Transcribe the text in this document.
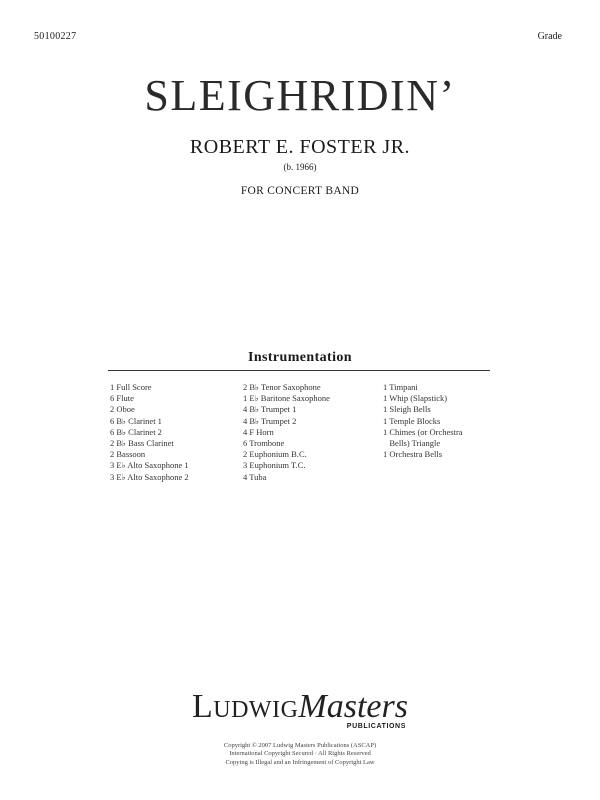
50100227	Grade
SLEIGHRIDIN’
ROBERT E. FOSTER JR.
(b. 1966)
FOR CONCERT BAND
Instrumentation
1 Full Score
6 Flute
2 Oboe
6 B♭ Clarinet 1
6 B♭ Clarinet 2
2 B♭ Bass Clarinet
2 Bassoon
3 E♭ Alto Saxophone 1
3 E♭ Alto Saxophone 2
2 B♭ Tenor Saxophone
1 E♭ Baritone Saxophone
4 B♭ Trumpet 1
4 B♭ Trumpet 2
4 F Horn
6 Trombone
2 Euphonium B.C.
3 Euphonium T.C.
4 Tuba
1 Timpani
1 Whip (Slapstick)
1 Sleigh Bells
1 Temple Blocks
1 Chimes (or Orchestra
Bells) Triangle
1 Orchestra Bells
LudwigMasters
PUBLICATIONS
Copyright © 2007 Ludwig Masters Publications (ASCAP)
International Copyright Secured · All Rights Reserved
Copying is Illegal and an Infringement of Copyright Law
